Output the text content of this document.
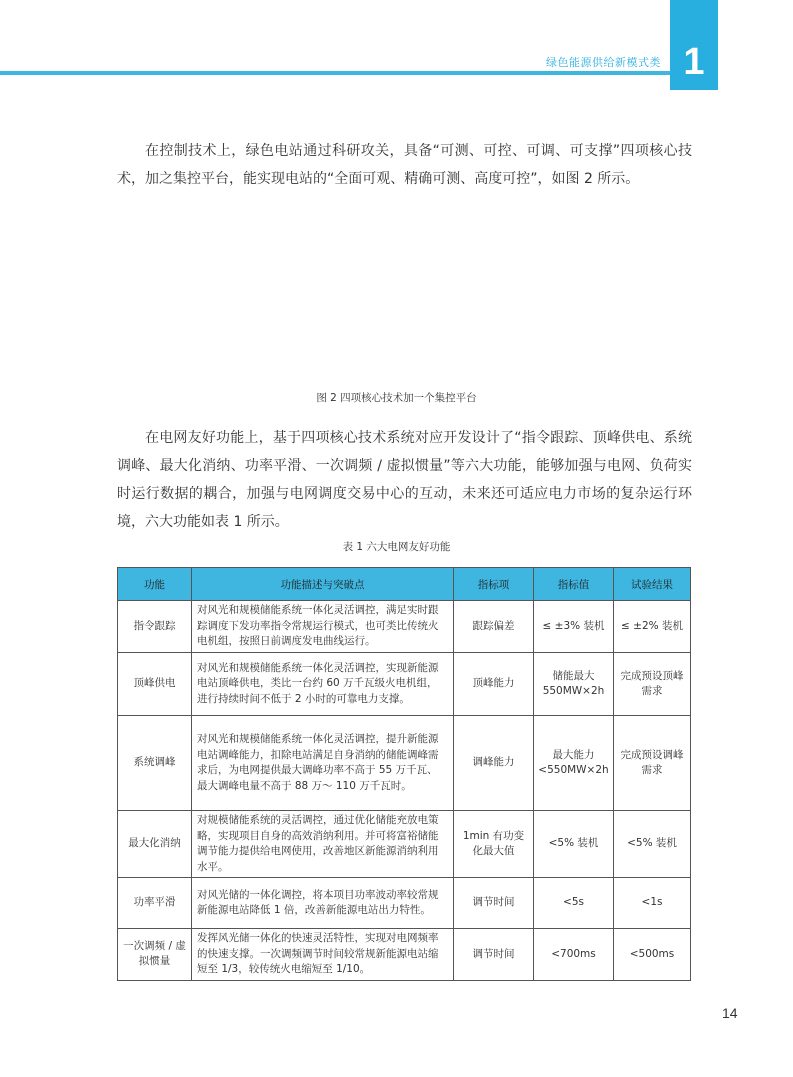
绿色能源供给新模式类 1

在控制技术上，绿色电站通过科研攻关，具备“可测、可控、可调、可支撑”四项核心技术，加之集控平台，能实现电站的“全面可观、精确可测、高度可控”，如图 2 所示。

图 2 四项核心技术加一个集控平台

在电网友好功能上，基于四项核心技术系统对应开发设计了“指令跟踪、顶峰供电、系统调峰、最大化消纳、功率平滑、一次调频 / 虚拟惯量”等六大功能，能够加强与电网、负荷实时运行数据的耦合，加强与电网调度交易中心的互动，未来还可适应电力市场的复杂运行环境，六大功能如表 1 所示。

表 1 六大电网友好功能
功能	功能描述与突破点	指标项	指标值	试验结果
指令跟踪	对风光和规模储能系统一体化灵活调控，满足实时跟踪调度下发功率指令常规运行模式，也可类比传统火电机组，按照日前调度发电曲线运行。	跟踪偏差	≤ ±3% 装机	≤ ±2% 装机
顶峰供电	对风光和规模储能系统一体化灵活调控，实现新能源电站顶峰供电，类比一台约 60 万千瓦级火电机组，进行持续时间不低于 2 小时的可靠电力支撑。	顶峰能力	储能最大 550MW×2h	完成预设顶峰需求
系统调峰	对风光和规模储能系统一体化灵活调控，提升新能源电站调峰能力，扣除电站满足自身消纳的储能调峰需求后，为电网提供最大调峰功率不高于 55 万千瓦、最大调峰电量不高于 88 万～ 110 万千瓦时。	调峰能力	最大能力 <550MW×2h	完成预设调峰需求
最大化消纳	对规模储能系统的灵活调控，通过优化储能充放电策略，实现项目自身的高效消纳利用。并可将富裕储能调节能力提供给电网使用，改善地区新能源消纳利用水平。	1min 有功变化最大值	<5% 装机	<5% 装机
功率平滑	对风光储的一体化调控，将本项目功率波动率较常规新能源电站降低 1 倍，改善新能源电站出力特性。	调节时间	<5s	<1s
一次调频 / 虚拟惯量	发挥风光储一体化的快速灵活特性，实现对电网频率的快速支撑。一次调频调节时间较常规新能源电站缩短至 1/3，较传统火电缩短至 1/10。	调节时间	<700ms	<500ms
14
